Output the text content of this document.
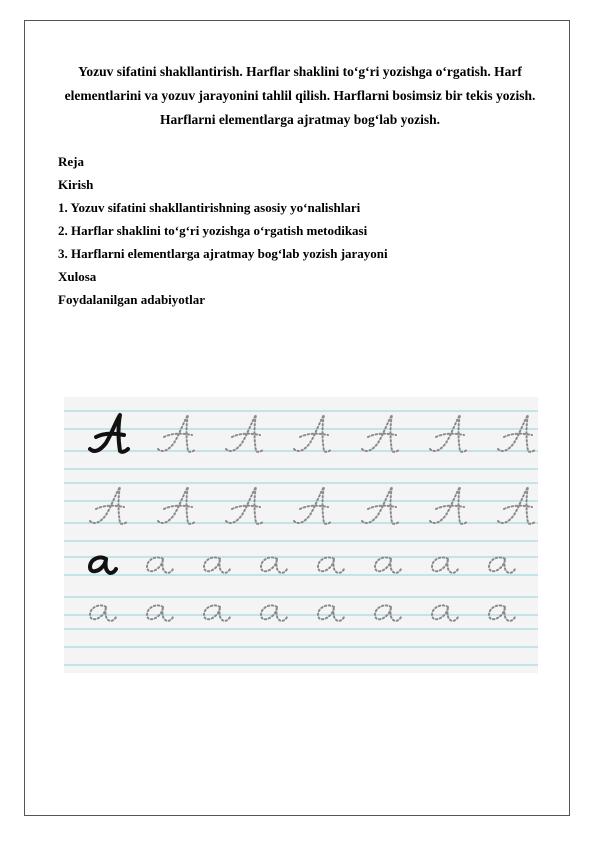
Yozuv sifatini shakllantirish. Harflar shaklini to‘g‘ri yozishga o‘rgatish. Harf
elementlarini va yozuv jarayonini tahlil qilish. Harflarni bosimsiz bir tekis yozish.
Harflarni elementlarga ajratmay bog‘lab yozish.
Reja
Kirish
1. Yozuv sifatini shakllantirishning asosiy yo‘nalishlari
2. Harflar shaklini to‘g‘ri yozishga o‘rgatish metodikasi
3. Harflarni elementlarga ajratmay bog‘lab yozish jarayoni
Xulosa
Foydalanilgan adabiyotlar
